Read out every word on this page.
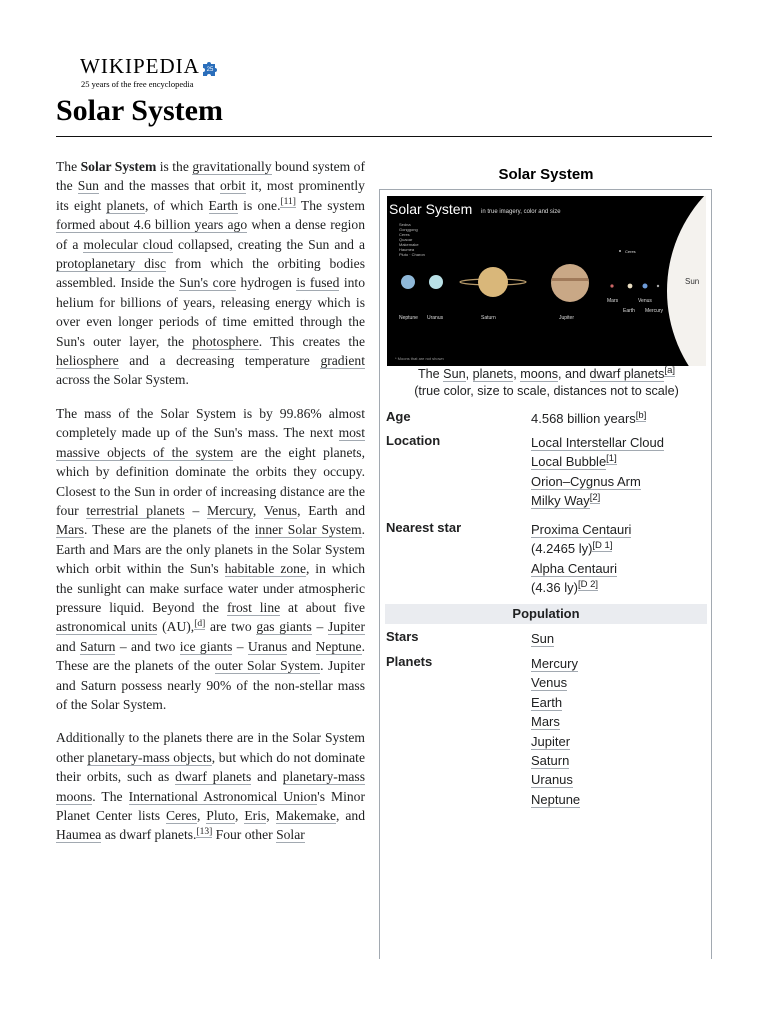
WIKIPEDIA 25
25 years of the free encyclopedia
Solar System

The Solar System is the gravitationally bound system of the Sun and the masses that orbit it, most prominently its eight planets, of which Earth is one.[11] The system formed about 4.6 billion years ago when a dense region of a molecular cloud collapsed, creating the Sun and a protoplanetary disc from which the orbiting bodies assembled. Inside the Sun's core hydrogen is fused into helium for billions of years, releasing energy which is over even longer periods of time emitted through the Sun's outer layer, the photosphere. This creates the heliosphere and a decreasing temperature gradient across the Solar System.

The mass of the Solar System is by 99.86% almost completely made up of the Sun's mass. The next most massive objects of the system are the eight planets, which by definition dominate the orbits they occupy. Closest to the Sun in order of increasing distance are the four terrestrial planets – Mercury, Venus, Earth and Mars. These are the planets of the inner Solar System. Earth and Mars are the only planets in the Solar System which orbit within the Sun's habitable zone, in which the sunlight can make surface water under atmospheric pressure liquid. Beyond the frost line at about five astronomical units (AU),[d] are two gas giants – Jupiter and Saturn – and two ice giants – Uranus and Neptune. These are the planets of the outer Solar System. Jupiter and Saturn possess nearly 90% of the non-stellar mass of the Solar System.

Additionally to the planets there are in the Solar System other planetary-mass objects, but which do not dominate their orbits, such as dwarf planets and planetary-mass moons. The International Astronomical Union's Minor Planet Center lists Ceres, Pluto, Eris, Makemake, and Haumea as dwarf planets.[13] Four other Solar

Solar System
Solar System in true imagery, color and size
Sedna
Gonggong
Ceres
Quaoar
Makemake
Haumea
Pluto · Charon
Neptune Uranus	Saturn	Jupiter
Mars	Venus
Earth Mercury
Ceres
* Moons that are not shown
Sun
The Sun, planets, moons, and dwarf planets[a]
(true color, size to scale, distances not to scale)
Age	4.568 billion years[b]
Location	Local Interstellar Cloud
Local Bubble[1]
Orion–Cygnus Arm
Milky Way[2]
Nearest star	Proxima Centauri
(4.2465 ly)[D 1]
Alpha Centauri
(4.36 ly)[D 2]
Population
Stars	Sun
Planets	Mercury
Venus
Earth
Mars
Jupiter
Saturn
Uranus
Neptune
